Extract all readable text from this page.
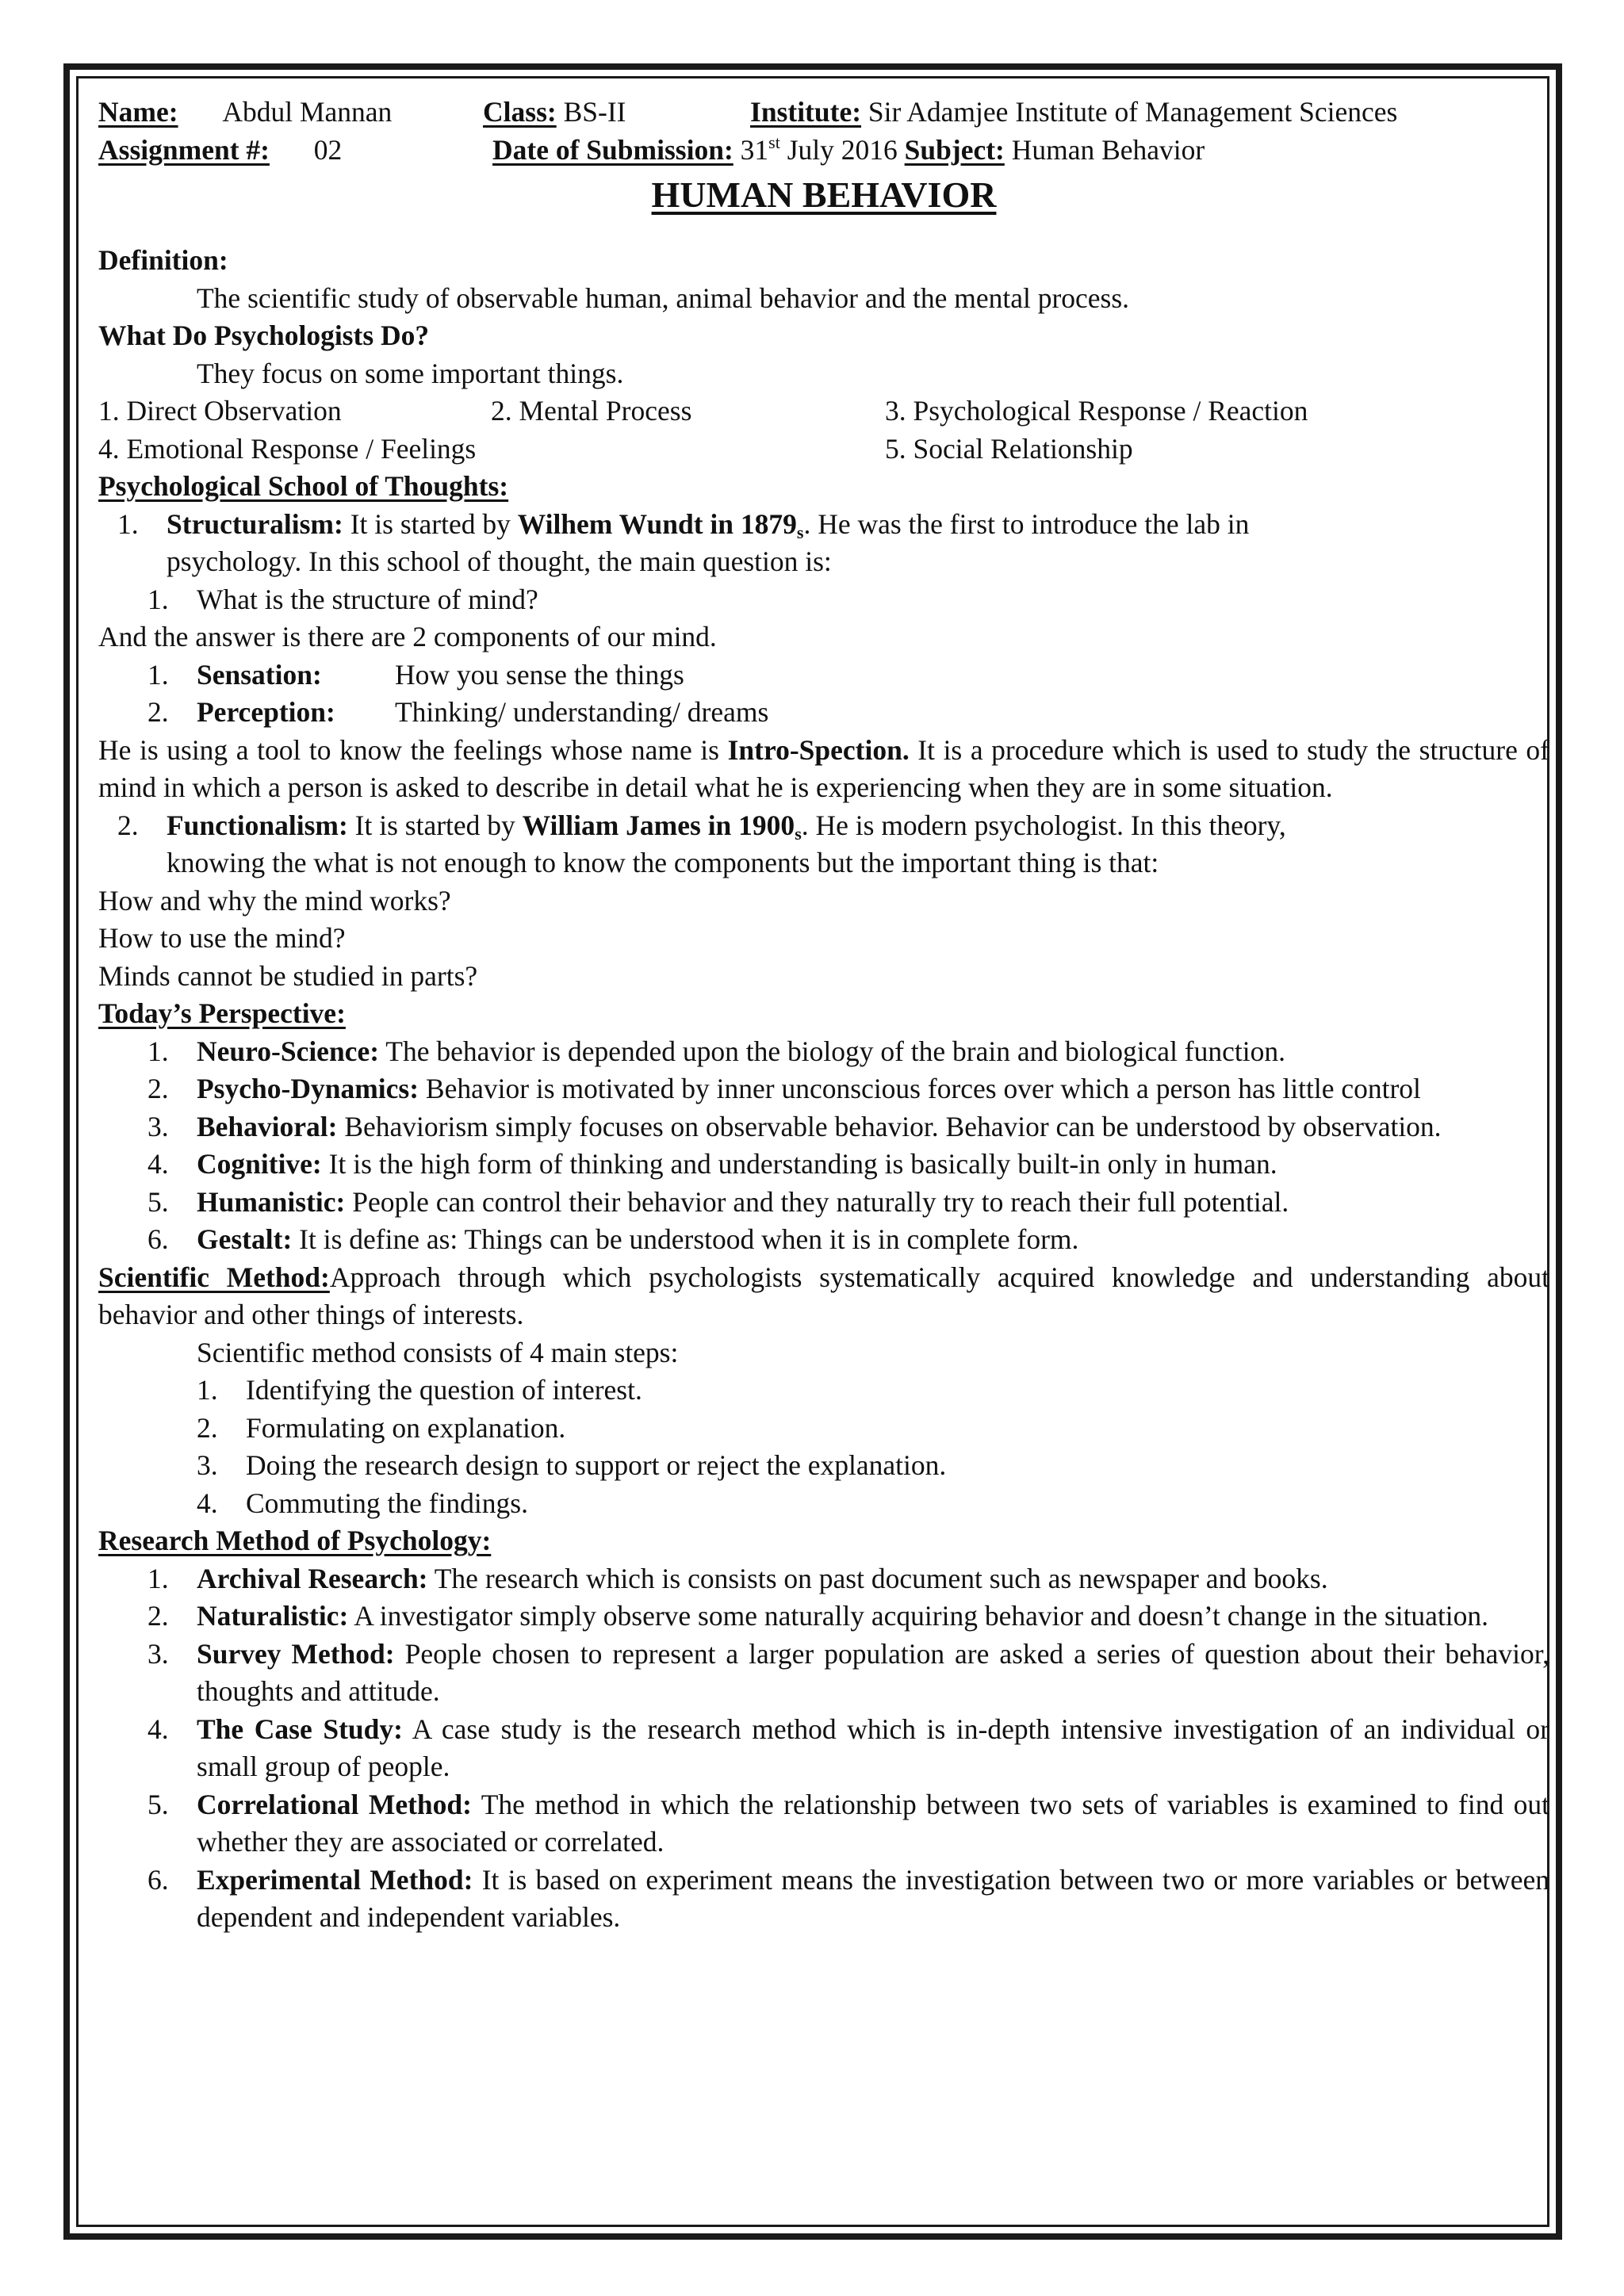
Name: Abdul Mannan	Class: BS-II	Institute: Sir Adamjee Institute of Management Sciences
Assignment #: 02	Date of Submission: 31st July 2016 Subject: Human Behavior
HUMAN BEHAVIOR
Definition:
The scientific study of observable human, animal behavior and the mental process.
What Do Psychologists Do?
They focus on some important things.
1. Direct Observation	2. Mental Process	3. Psychological Response / Reaction
4. Emotional Response / Feelings	5. Social Relationship
Psychological School of Thoughts:
1. Structuralism: It is started by Wilhem Wundt in $1879_s$. He was the first to introduce the lab in
psychology. In this school of thought, the main question is:
1. What is the structure of mind?
And the answer is there are 2 components of our mind.
1. Sensation:	How you sense the things
2. Perception: Thinking/ understanding/ dreams
He is using a tool to know the feelings whose name is Intro-Spection. It is a procedure which is used to study the structure of mind in which a person is asked to describe in detail what he is experiencing when they are in some situation.
2. Functionalism: It is started by William James in $1900_s$. He is modern psychologist. In this theory,
knowing the what is not enough to know the components but the important thing is that:
How and why the mind works?
How to use the mind?
Minds cannot be studied in parts?
Today’s Perspective:
1. Neuro-Science: The behavior is depended upon the biology of the brain and biological function.
2. Psycho-Dynamics: Behavior is motivated by inner unconscious forces over which a person has little control
3. Behavioral: Behaviorism simply focuses on observable behavior. Behavior can be understood by observation.
4. Cognitive: It is the high form of thinking and understanding is basically built-in only in human.
5. Humanistic: People can control their behavior and they naturally try to reach their full potential.
6. Gestalt: It is define as: Things can be understood when it is in complete form.
Scientific Method:Approach through which psychologists systematically acquired knowledge and understanding about behavior and other things of interests.
Scientific method consists of 4 main steps:
1. Identifying the question of interest.
2. Formulating on explanation.
3. Doing the research design to support or reject the explanation.
4. Commuting the findings.
Research Method of Psychology:
1. Archival Research: The research which is consists on past document such as newspaper and books.
2. Naturalistic: A investigator simply observe some naturally acquiring behavior and doesn’t change in the situation.
3. Survey Method: People chosen to represent a larger population are asked a series of question about their behavior, thoughts and attitude.
4. The Case Study: A case study is the research method which is in-depth intensive investigation of an individual or small group of people.
5. Correlational Method: The method in which the relationship between two sets of variables is examined to find out whether they are associated or correlated.
6. Experimental Method: It is based on experiment means the investigation between two or more variables or between dependent and independent variables.
